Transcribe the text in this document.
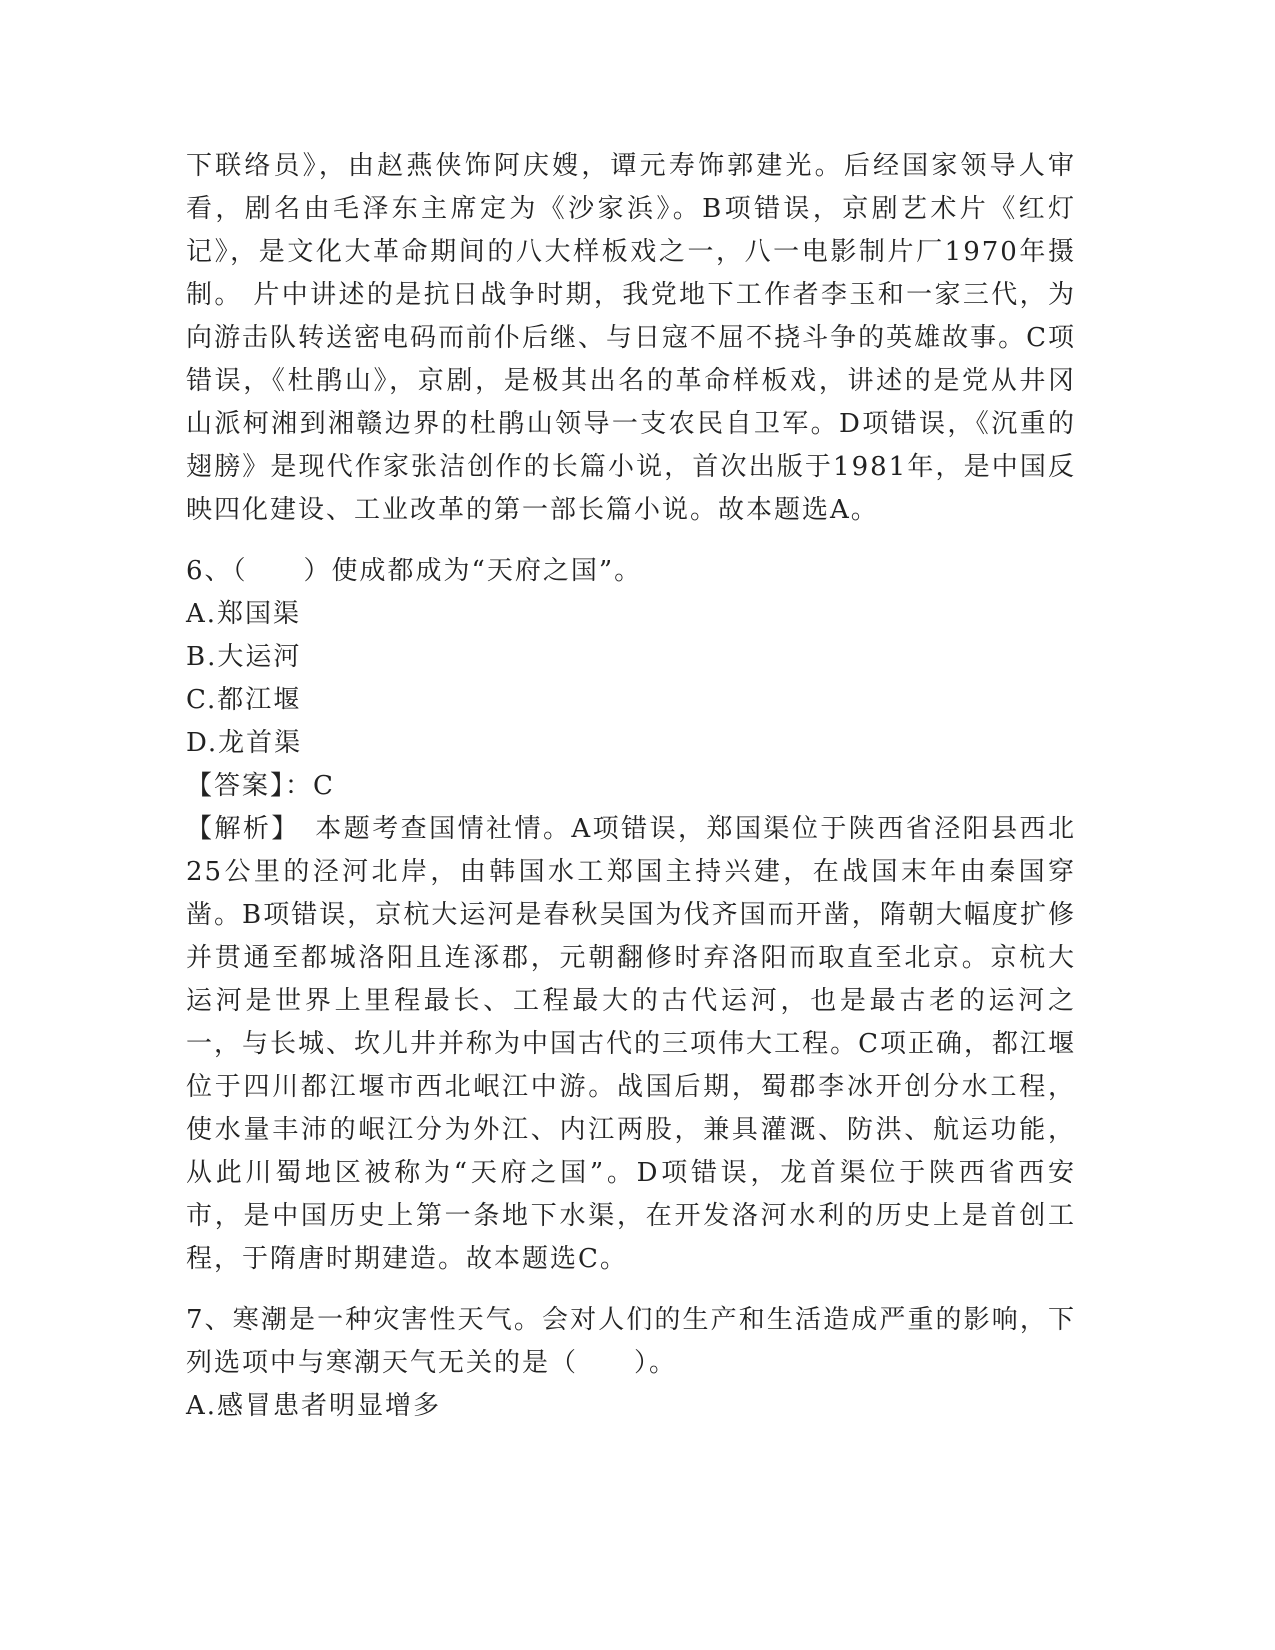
下联络员》，由赵燕侠饰阿庆嫂，谭元寿饰郭建光。后经国家领导人审看，剧名由毛泽东主席定为《沙家浜》。B项错误，京剧艺术片《红灯记》，是文化大革命期间的八大样板戏之一，八一电影制片厂1970年摄制。 片中讲述的是抗日战争时期，我党地下工作者李玉和一家三代，为向游击队转送密电码而前仆后继、与日寇不屈不挠斗争的英雄故事。C项错误，《杜鹃山》，京剧，是极其出名的革命样板戏，讲述的是党从井冈山派柯湘到湘赣边界的杜鹃山领导一支农民自卫军。D项错误，《沉重的翅膀》是现代作家张洁创作的长篇小说，首次出版于1981年，是中国反映四化建设、工业改革的第一部长篇小说。故本题选A。

6、（　　）使成都成为“天府之国”。

A.郑国渠

B.大运河

C.都江堰

D.龙首渠

【答案】：C

【解析】　本题考查国情社情。A项错误，郑国渠位于陕西省泾阳县西北25公里的泾河北岸，由韩国水工郑国主持兴建，在战国末年由秦国穿凿。B项错误，京杭大运河是春秋吴国为伐齐国而开凿，隋朝大幅度扩修并贯通至都城洛阳且连涿郡，元朝翻修时弃洛阳而取直至北京。京杭大运河是世界上里程最长、工程最大的古代运河，也是最古老的运河之一，与长城、坎儿井并称为中国古代的三项伟大工程。C项正确，都江堰位于四川都江堰市西北岷江中游。战国后期，蜀郡李冰开创分水工程，使水量丰沛的岷江分为外江、内江两股，兼具灌溉、防洪、航运功能，从此川蜀地区被称为“天府之国”。D项错误，龙首渠位于陕西省西安市，是中国历史上第一条地下水渠，在开发洛河水利的历史上是首创工程，于隋唐时期建造。故本题选C。

7、寒潮是一种灾害性天气。会对人们的生产和生活造成严重的影响，下列选项中与寒潮天气无关的是（　　）。

A.感冒患者明显增多
